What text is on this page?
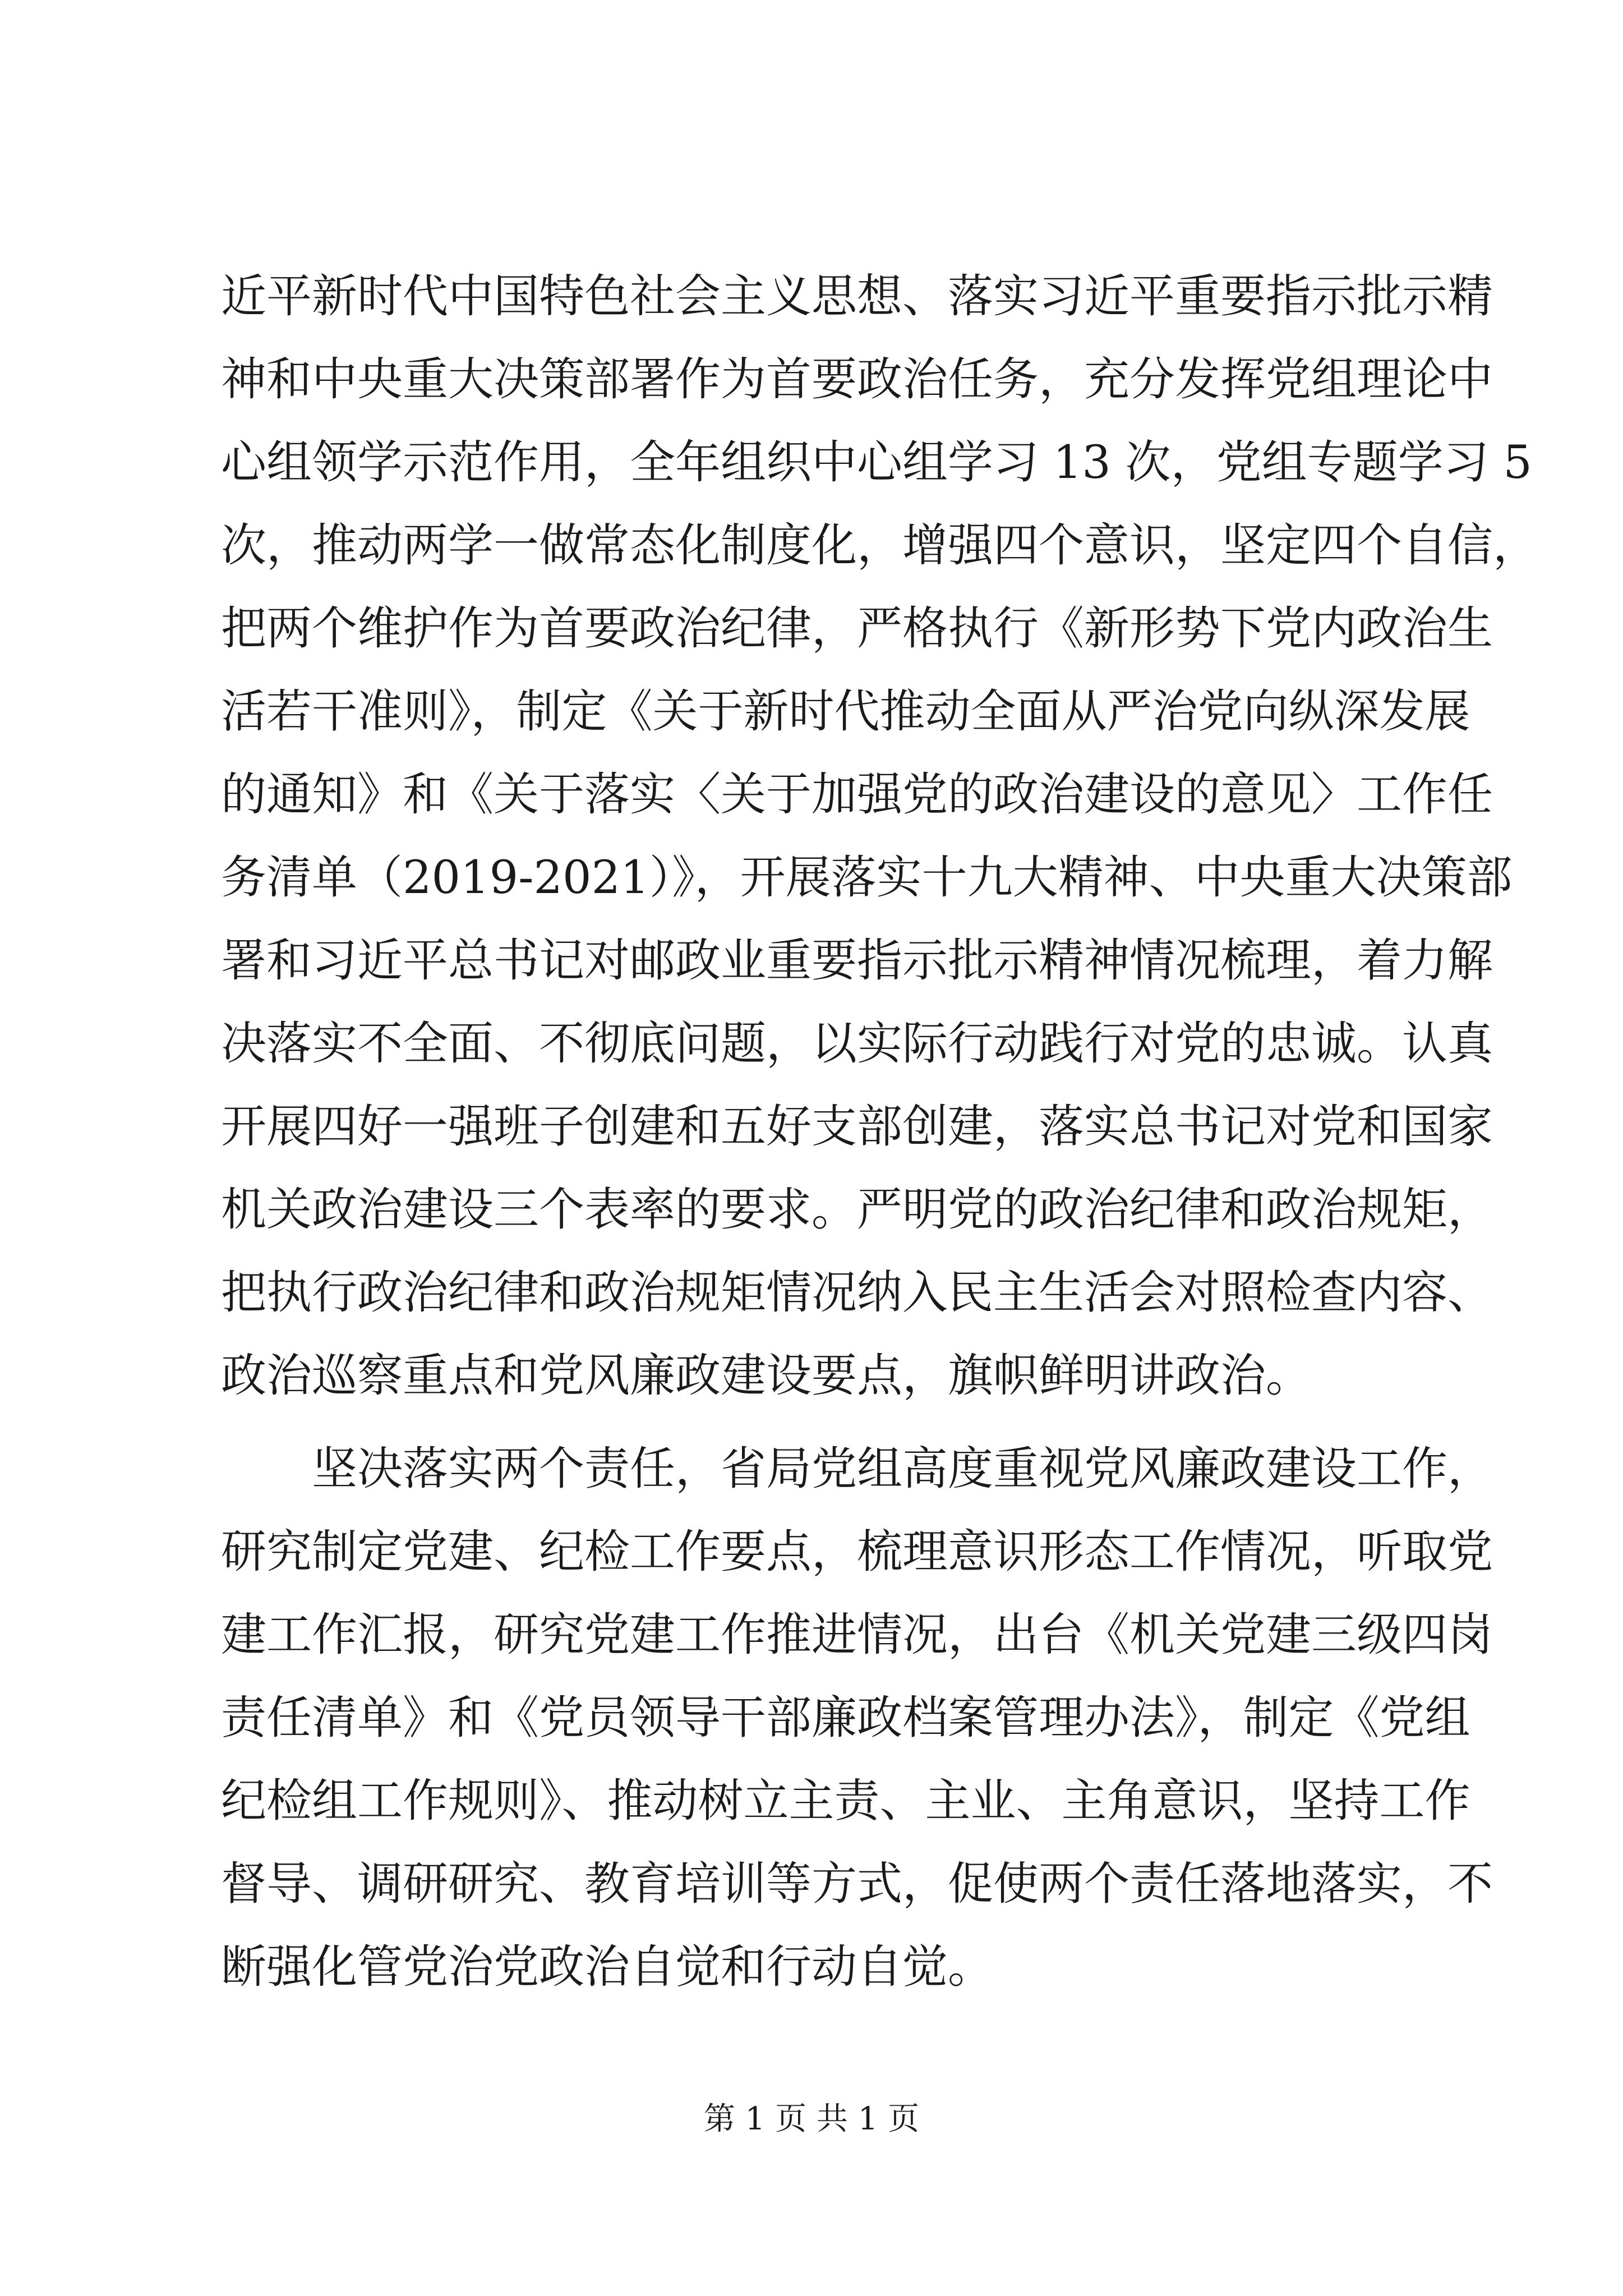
近平新时代中国特色社会主义思想、落实习近平重要指示批示精
神和中央重大决策部署作为首要政治任务，充分发挥党组理论中
心组领学示范作用，全年组织中心组学习 13 次，党组专题学习 5
次，推动两学一做常态化制度化，增强四个意识，坚定四个自信，
把两个维护作为首要政治纪律，严格执行《新形势下党内政治生
活若干准则》，制定《关于新时代推动全面从严治党向纵深发展
的通知》和《关于落实〈关于加强党的政治建设的意见〉工作任
务清单（2019-2021）》，开展落实十九大精神、中央重大决策部
署和习近平总书记对邮政业重要指示批示精神情况梳理，着力解
决落实不全面、不彻底问题，以实际行动践行对党的忠诚。认真
开展四好一强班子创建和五好支部创建，落实总书记对党和国家
机关政治建设三个表率的要求。严明党的政治纪律和政治规矩，
把执行政治纪律和政治规矩情况纳入民主生活会对照检查内容、
政治巡察重点和党风廉政建设要点，旗帜鲜明讲政治。
　　坚决落实两个责任，省局党组高度重视党风廉政建设工作，
研究制定党建、纪检工作要点，梳理意识形态工作情况，听取党
建工作汇报，研究党建工作推进情况，出台《机关党建三级四岗
责任清单》和《党员领导干部廉政档案管理办法》，制定《党组
纪检组工作规则》、推动树立主责、主业、主角意识，坚持工作
督导、调研研究、教育培训等方式，促使两个责任落地落实，不
断强化管党治党政治自觉和行动自觉。
第 1 页 共 1 页
